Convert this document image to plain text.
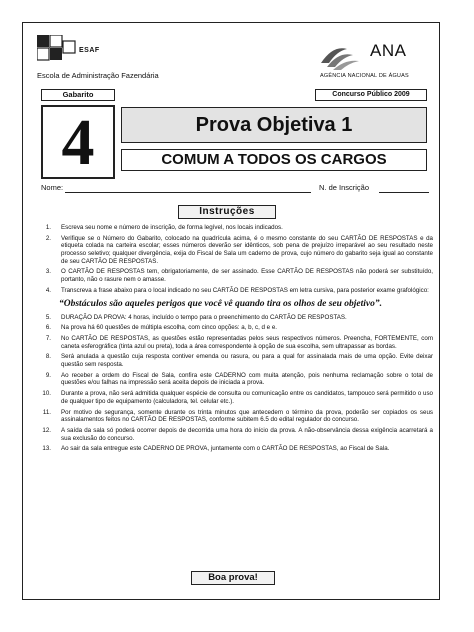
ESAF
Escola de Administração Fazendária
ANA
AGÊNCIA NACIONAL DE ÁGUAS
Gabarito	Concurso Público 2009
4	Prova Objetiva 1
COMUM A TODOS OS CARGOS
Nome:	N. de Inscrição
Instruções
1. Escreva seu nome e número de inscrição, de forma legível, nos locais indicados.
2. Verifique se o Número do Gabarito, colocado na quadrícula acima, é o mesmo constante do seu CARTÃO DE RESPOSTAS e da etiqueta colada na carteira escolar; esses números deverão ser idênticos, sob pena de prejuízo irreparável ao seu resultado neste processo seletivo; qualquer divergência, exija do Fiscal de Sala um caderno de prova, cujo número do gabarito seja igual ao constante de seu CARTÃO DE RESPOSTAS.
3. O CARTÃO DE RESPOSTAS tem, obrigatoriamente, de ser assinado. Esse CARTÃO DE RESPOSTAS não poderá ser substituído, portanto, não o rasure nem o amasse.
4. Transcreva a frase abaixo para o local indicado no seu CARTÃO DE RESPOSTAS em letra cursiva, para posterior exame grafológico:
“Obstáculos são aqueles perigos que você vê quando tira os olhos de seu objetivo”.
5. DURAÇÃO DA PROVA: 4 horas, incluído o tempo para o preenchimento do CARTÃO DE RESPOSTAS.
6. Na prova há 60 questões de múltipla escolha, com cinco opções: a, b, c, d e e.
7. No CARTÃO DE RESPOSTAS, as questões estão representadas pelos seus respectivos números. Preencha, FORTEMENTE, com caneta esferográfica (tinta azul ou preta), toda a área correspondente à opção de sua escolha, sem ultrapassar as bordas.
8. Será anulada a questão cuja resposta contiver emenda ou rasura, ou para a qual for assinalada mais de uma opção. Evite deixar questão sem resposta.
9. Ao receber a ordem do Fiscal de Sala, confira este CADERNO com muita atenção, pois nenhuma reclamação sobre o total de questões e/ou falhas na impressão será aceita depois de iniciada a prova.
10. Durante a prova, não será admitida qualquer espécie de consulta ou comunicação entre os candidatos, tampouco será permitido o uso de qualquer tipo de equipamento (calculadora, tel. celular etc.).
11. Por motivo de segurança, somente durante os trinta minutos que antecedem o término da prova, poderão ser copiados os seus assinalamentos feitos no CARTÃO DE RESPOSTAS, conforme subitem 6.5 do edital regulador do concurso.
12. A saída da sala só poderá ocorrer depois de decorrida uma hora do início da prova. A não-observância dessa exigência acarretará a sua exclusão do concurso.
13. Ao sair da sala entregue este CADERNO DE PROVA, juntamente com o CARTÃO DE RESPOSTAS, ao Fiscal de Sala.
Boa prova!
